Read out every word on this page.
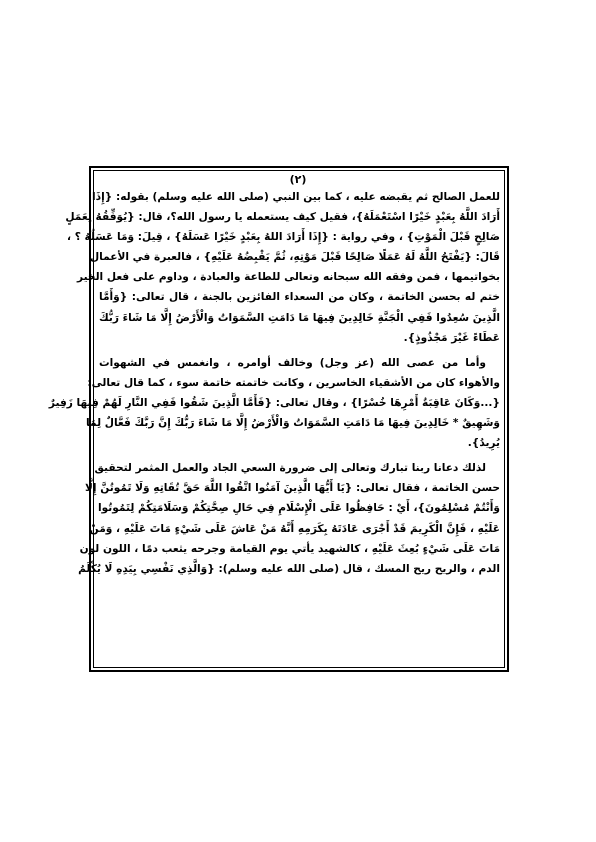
(٢)
للعمل الصالح ثم يقبضه عليه ، كما بين النبي (صلى الله عليه وسلم) بقوله: {إِذَا
أَرَادَ اللَّهُ بِعَبْدٍ خَيْرًا اسْتَعْمَلَهُ}، فقيل كيف يستعمله يا رسول الله؟، قال: {يُوَفِّقُهُ لِعَمَلٍ
صَالِحٍ قَبْلَ الْمَوْتِ} ، وفي رواية : {إِذَا أَرَادَ اللهُ بِعَبْدٍ خَيْرًا عَسَلَهُ} ، قِيلَ: وَمَا عَسَلُهُ ؟ ،
قَالَ: {يَفْتَحُ اللَّهُ لَهُ عَمَلًا صَالِحًا قَبْلَ مَوْتِهِ، ثُمَّ يَقْبِضُهُ عَلَيْهِ} ، فالعبرة في الأعمال
بخواتيمها ، فمن وفقه الله سبحانه وتعالى للطاعة والعبادة ، وداوم على فعل الخير
ختم له بحسن الخاتمة ، وكان من السعداء الفائزين بالجنة ، قال تعالى: {وَأَمَّا
الَّذِينَ سُعِدُوا فَفِي الْجَنَّةِ خَالِدِينَ فِيهَا مَا دَامَتِ السَّمَوَاتُ وَالْأَرْضُ إِلَّا مَا شَاءَ رَبُّكَ
عَطَاءً غَيْرَ مَجْذُوذٍ}.
وأما من عصى الله (عز وجل) وخالف أوامره ، وانغمس في الشهوات
والأهواء كان من الأشقياء الخاسرين ، وكانت خاتمته خاتمة سوء ، كما قال تعالى:
{...وَكَانَ عَاقِبَةُ أَمْرِهَا خُسْرًا} ، وقال تعالى: {فَأَمَّا الَّذِينَ شَقُوا فَفِي النَّارِ لَهُمْ فِيهَا زَفِيرٌ
وَشَهِيقٌ * خَالِدِينَ فِيهَا مَا دَامَتِ السَّمَوَاتُ وَالْأَرْضُ إِلَّا مَا شَاءَ رَبُّكَ إِنَّ رَبَّكَ فَعَّالٌ لِمَا
يُرِيدُ}.
لذلك دعانا ربنا تبارك وتعالى إلى ضرورة السعي الجاد والعمل المثمر لتحقيق
حسن الخاتمة ، فقال تعالى: {يَا أَيُّهَا الَّذِينَ آمَنُوا اتَّقُوا اللَّهَ حَقَّ تُقَاتِهِ وَلَا تَمُوتُنَّ إِلَّا
وَأَنْتُمْ مُسْلِمُونَ}، أَيْ : حَافِظُوا عَلَى الْإِسْلَامِ فِي حَالِ صِحَّتِكُمْ وَسَلَامَتِكُمْ لِتَمُوتُوا
عَلَيْهِ ، فَإِنَّ الْكَرِيمَ قَدْ أَجْرَى عَادَتَهُ بِكَرَمِهِ أَنَّهُ مَنْ عَاشَ عَلَى شَيْءٍ مَاتَ عَلَيْهِ ، وَمَنْ
مَاتَ عَلَى شَيْءٍ بُعِثَ عَلَيْهِ ، كالشهيد يأتي يوم القيامة وجرحه يثعب دمًا ، اللون لون
الدم ، والريح ريح المسك ، قال (صلى الله عليه وسلم): {وَالَّذِي نَفْسِي بِيَدِهِ لَا يُكْلَمُ
